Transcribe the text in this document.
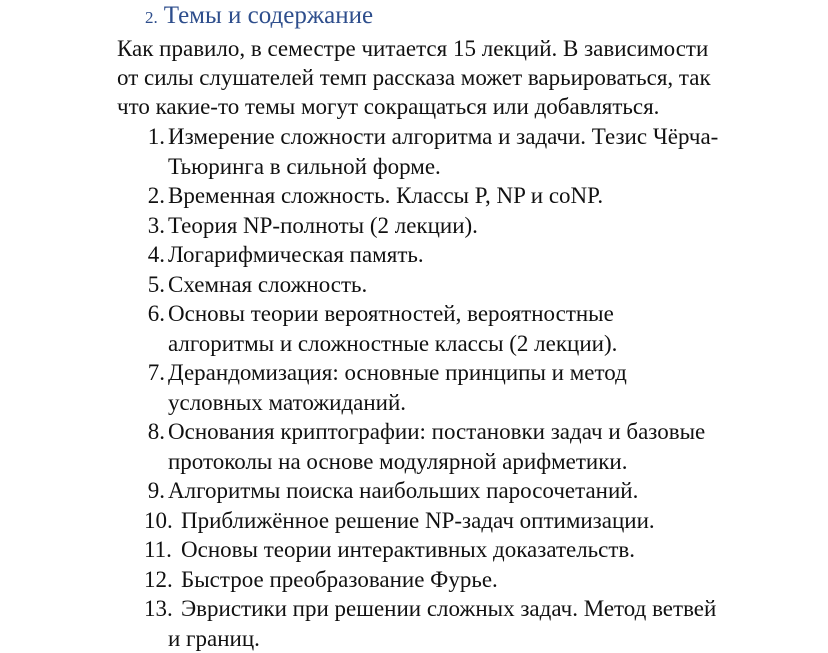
2. Темы и содержание

Как правило, в семестре читается 15 лекций. В зависимости
от силы слушателей темп рассказа может варьироваться, так
что какие-то темы могут сокращаться или добавляться.

1. Измерение сложности алгоритма и задачи. Тезис Чёрча-
Тьюринга в сильной форме.
2. Временная сложность. Классы P, NP и coNP.
3. Теория NP-полноты (2 лекции).
4. Логарифмическая память.
5. Схемная сложность.
6. Основы теории вероятностей, вероятностные
алгоритмы и сложностные классы (2 лекции).
7. Дерандомизация: основные принципы и метод
условных матожиданий.
8. Основания криптографии: постановки задач и базовые
протоколы на основе модулярной арифметики.
9. Алгоритмы поиска наибольших паросочетаний.
10. Приближённое решение NP-задач оптимизации.
11. Основы теории интерактивных доказательств.
12. Быстрое преобразование Фурье.
13. Эвристики при решении сложных задач. Метод ветвей
и границ.
